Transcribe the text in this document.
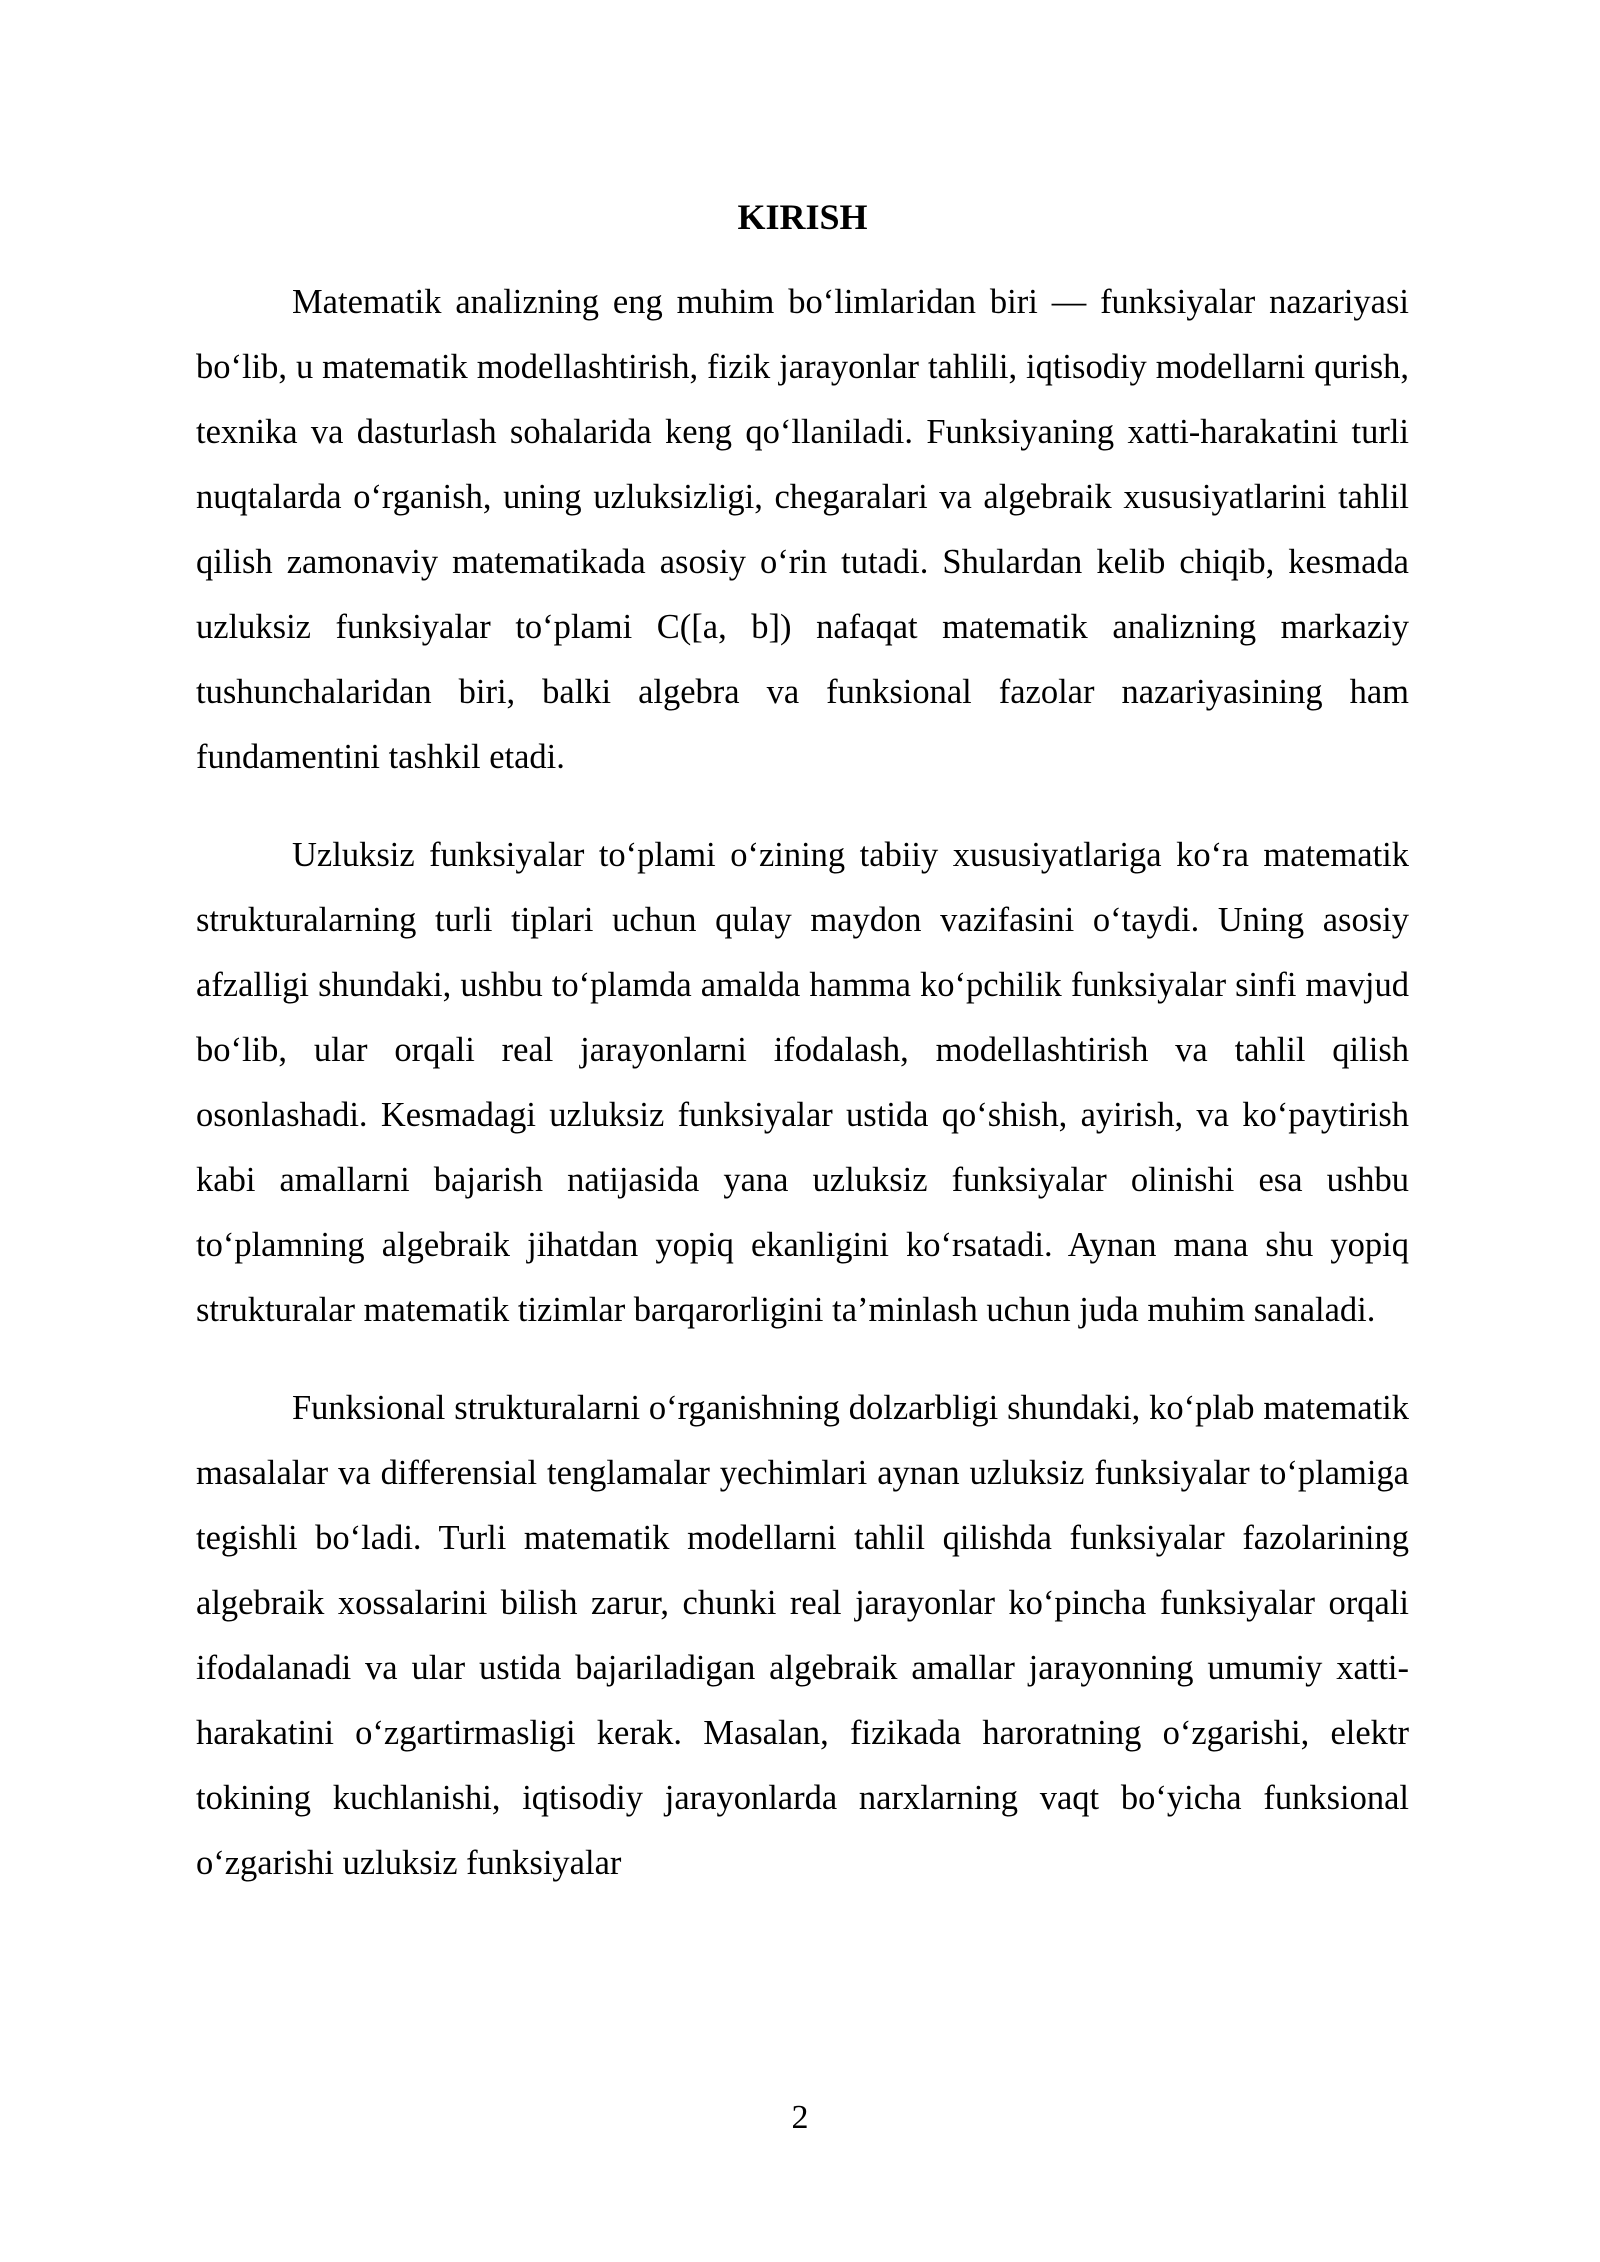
KIRISH

Matematik analizning eng muhim bo‘limlaridan biri — funksiyalar nazariyasi bo‘lib, u matematik modellashtirish, fizik jarayonlar tahlili, iqtisodiy modellarni qurish, texnika va dasturlash sohalarida keng qo‘llaniladi. Funksiyaning xatti-harakatini turli nuqtalarda o‘rganish, uning uzluksizligi, chegaralari va algebraik xususiyatlarini tahlil qilish zamonaviy matematikada asosiy o‘rin tutadi. Shulardan kelib chiqib, kesmada uzluksiz funksiyalar to‘plami C([a, b]) nafaqat matematik analizning markaziy tushunchalaridan biri, balki algebra va funksional fazolar nazariyasining ham fundamentini tashkil etadi.

Uzluksiz funksiyalar to‘plami o‘zining tabiiy xususiyatlariga ko‘ra matematik strukturalarning turli tiplari uchun qulay maydon vazifasini o‘taydi. Uning asosiy afzalligi shundaki, ushbu to‘plamda amalda hamma ko‘pchilik funksiyalar sinfi mavjud bo‘lib, ular orqali real jarayonlarni ifodalash, modellashtirish va tahlil qilish osonlashadi. Kesmadagi uzluksiz funksiyalar ustida qo‘shish, ayirish, va ko‘paytirish kabi amallarni bajarish natijasida yana uzluksiz funksiyalar olinishi esa ushbu to‘plamning algebraik jihatdan yopiq ekanligini ko‘rsatadi. Aynan mana shu yopiq strukturalar matematik tizimlar barqarorligini ta’minlash uchun juda muhim sanaladi.

Funksional strukturalarni o‘rganishning dolzarbligi shundaki, ko‘plab matematik masalalar va differensial tenglamalar yechimlari aynan uzluksiz funksiyalar to‘plamiga tegishli bo‘ladi. Turli matematik modellarni tahlil qilishda funksiyalar fazolarining algebraik xossalarini bilish zarur, chunki real jarayonlar ko‘pincha funksiyalar orqali ifodalanadi va ular ustida bajariladigan algebraik amallar jarayonning umumiy xatti-harakatini o‘zgartirmasligi kerak. Masalan, fizikada haroratning o‘zgarishi, elektr tokining kuchlanishi, iqtisodiy jarayonlarda narxlarning vaqt bo‘yicha funksional o‘zgarishi uzluksiz funksiyalar

2
